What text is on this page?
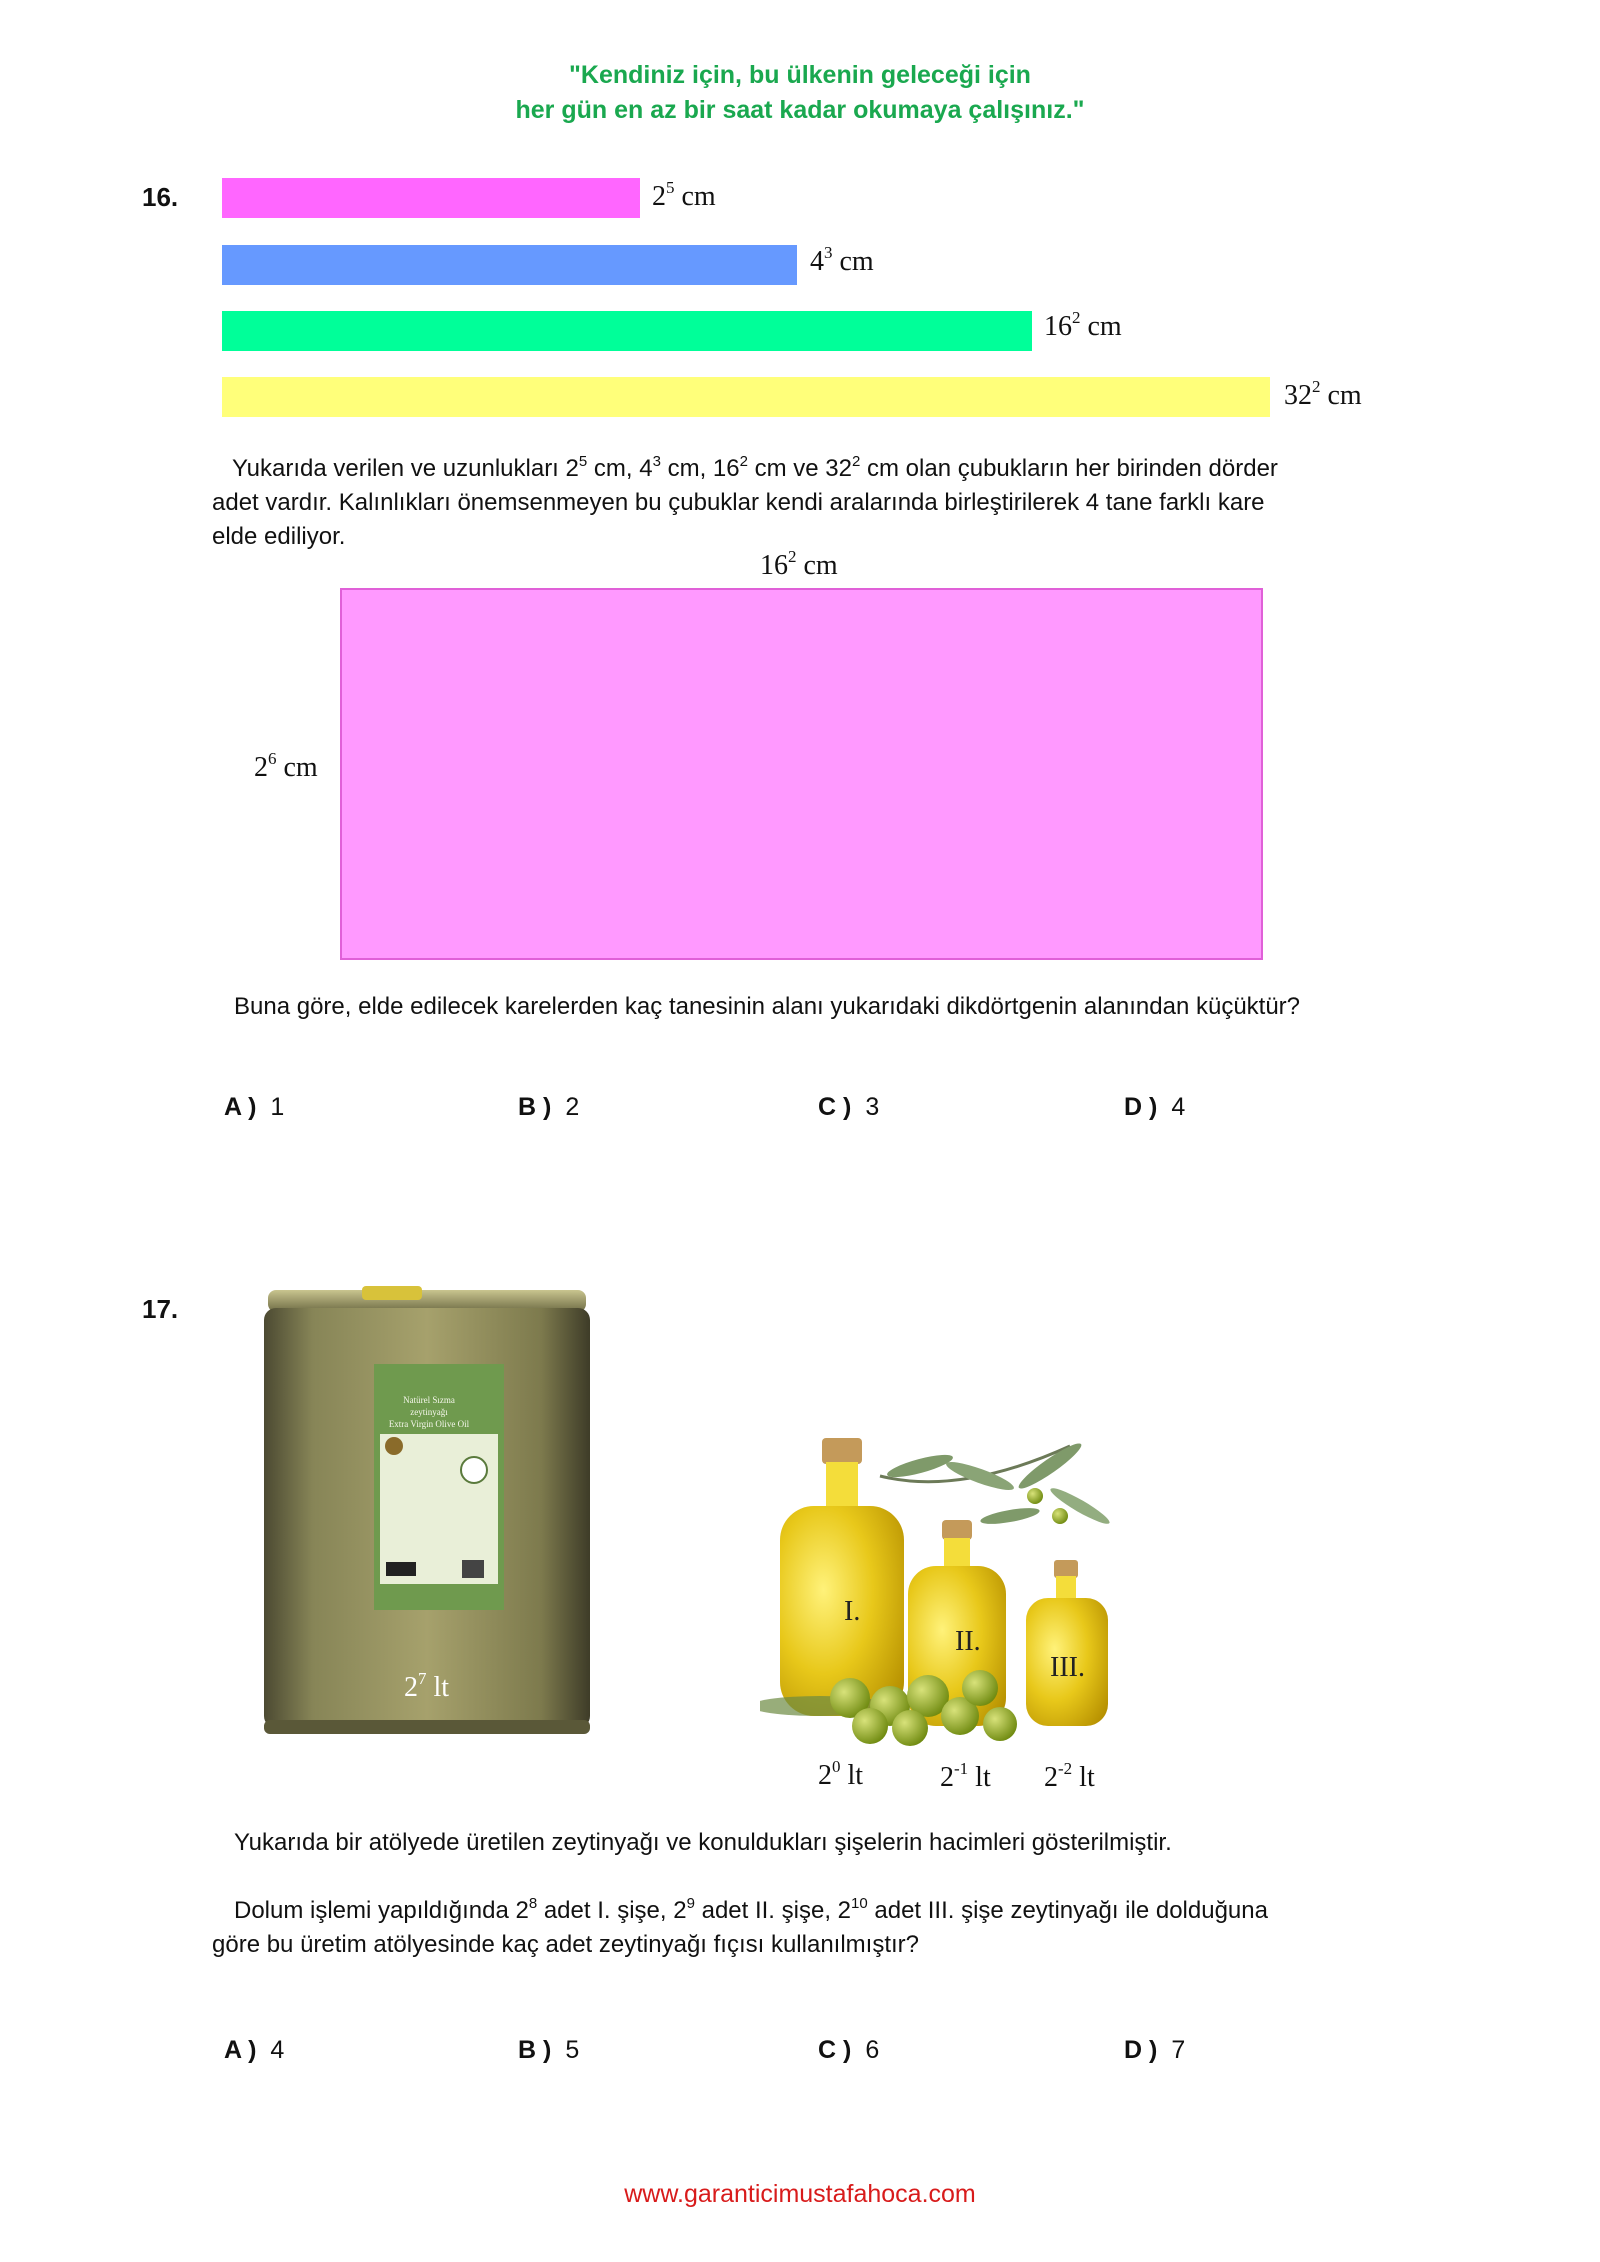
"Kendiniz için, bu ülkenin geleceği için
her gün en az bir saat kadar okumaya çalışınız."
16.	$2^5$ cm
$4^3$ cm
$16^2$ cm
$32^2$ cm
Yukarıda verilen ve uzunlukları $2^5$ cm, $4^3$ cm, $16^2$ cm ve $32^2$ cm olan çubukların her birinden dörder
adet vardır. Kalınlıkları önemsenmeyen bu çubuklar kendi aralarında birleştirilerek 4 tane farklı kare
elde ediliyor.
$16^2$ cm
$2^6$ cm
Buna göre, elde edilecek karelerden kaç tanesinin alanı yukarıdaki dikdörtgenin alanından küçüktür?
A ) 1	B ) 2	C ) 3	D ) 4
17.
Natürel Sızma
zeytinyağı
Extra Virgin Olive Oil
$2^7$ lt
I.
II.
III.
$2^0$ lt	$2^{-1}$ lt $2^{-2}$ lt
Yukarıda bir atölyede üretilen zeytinyağı ve konuldukları şişelerin hacimleri gösterilmiştir.
Dolum işlemi yapıldığında $2^8$ adet I. şişe, $2^9$ adet II. şişe, $2^{10}$ adet III. şişe zeytinyağı ile dolduğuna
göre bu üretim atölyesinde kaç adet zeytinyağı fıçısı kullanılmıştır?
A ) 4	B ) 5	C ) 6	D ) 7
www.garanticimustafahoca.com
